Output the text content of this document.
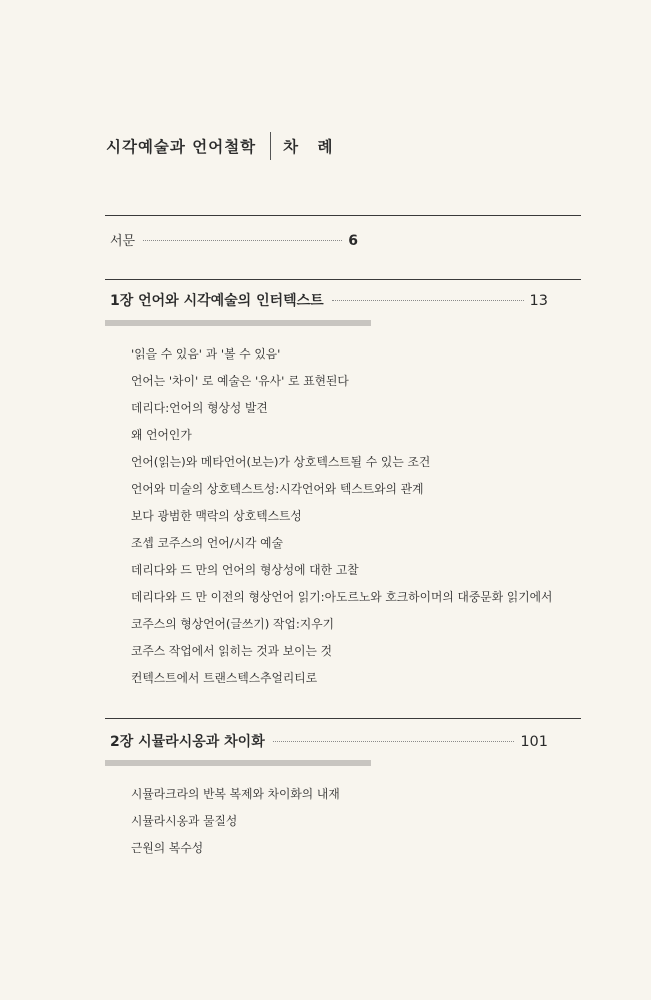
시각예술과 언어철학 차 례
서문	6
1장 언어와 시각예술의 인터텍스트	13
'읽을 수 있음' 과 '볼 수 있음'
언어는 '차이' 로 예술은 '유사' 로 표현된다
데리다:언어의 형상성 발견
왜 언어인가
언어(읽는)와 메타언어(보는)가 상호텍스트될 수 있는 조건
언어와 미술의 상호텍스트성:시각언어와 텍스트와의 관계
보다 광범한 맥락의 상호텍스트성
조셉 코주스의 언어/시각 예술
데리다와 드 만의 언어의 형상성에 대한 고찰
데리다와 드 만 이전의 형상언어 읽기:아도르노와 호크하이머의 대중문화 읽기에서
코주스의 형상언어(글쓰기) 작업:지우기
코주스 작업에서 읽히는 것과 보이는 것
컨텍스트에서 트랜스텍스추얼리티로
2장 시뮬라시옹과 차이화	101
시뮬라크라의 반복 복제와 차이화의 내재
시뮬라시옹과 물질성
근원의 복수성
